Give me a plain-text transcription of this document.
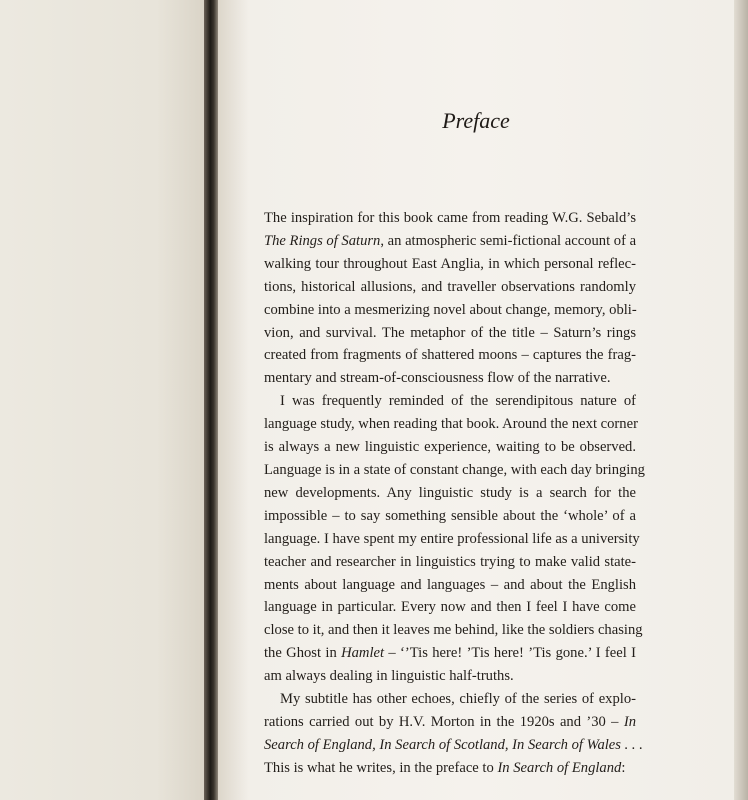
Preface
The inspiration for this book came from reading W.G. Sebald’s
The Rings of Saturn, an atmospheric semi-fictional account of a
walking tour throughout East Anglia, in which personal reflec-
tions, historical allusions, and traveller observations randomly
combine into a mesmerizing novel about change, memory, obli-
vion, and survival. The metaphor of the title – Saturn’s rings
created from fragments of shattered moons – captures the frag-
mentary and stream-of-consciousness flow of the narrative.
I was frequently reminded of the serendipitous nature of
language study, when reading that book. Around the next corner
is always a new linguistic experience, waiting to be observed.
Language is in a state of constant change, with each day bringing
new developments. Any linguistic study is a search for the
impossible – to say something sensible about the ‘whole’ of a
language. I have spent my entire professional life as a university
teacher and researcher in linguistics trying to make valid state-
ments about language and languages – and about the English
language in particular. Every now and then I feel I have come
close to it, and then it leaves me behind, like the soldiers chasing
the Ghost in Hamlet – ‘’Tis here! ’Tis here! ’Tis gone.’ I feel I
am always dealing in linguistic half-truths.
My subtitle has other echoes, chiefly of the series of explo-
rations carried out by H.V. Morton in the 1920s and ’30 – In
Search of England, In Search of Scotland, In Search of Wales . . .
This is what he writes, in the preface to In Search of England:
